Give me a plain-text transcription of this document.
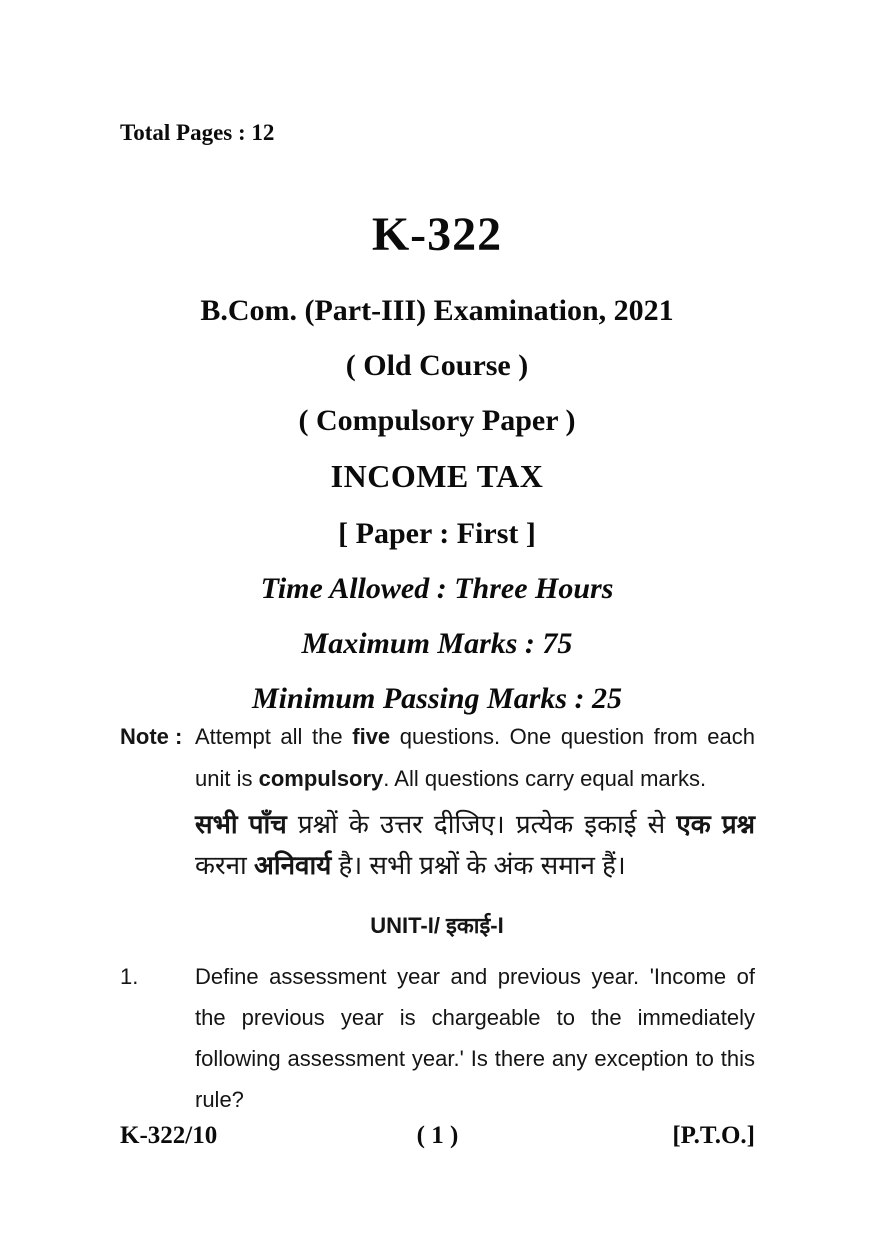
Total Pages : 12
K-322
B.Com. (Part-III) Examination, 2021
( Old Course )
( Compulsory Paper )
INCOME TAX
[ Paper : First ]
Time Allowed : Three Hours
Maximum Marks : 75
Minimum Passing Marks : 25
Note : Attempt all the five questions. One question from each
unit is compulsory. All questions carry equal marks.
सभी पाँच प्रश्नों के उत्तर दीजिए। प्रत्येक इकाई से एक प्रश्न
करना अनिवार्य है। सभी प्रश्नों के अंक समान हैं।
UNIT-I/ इकाई-I
1.	Define assessment year and previous year. 'Income of
the previous year is chargeable to the immediately
following assessment year.' Is there any exception to this
rule?
K-322/10	( 1 )	[P.T.O.]
